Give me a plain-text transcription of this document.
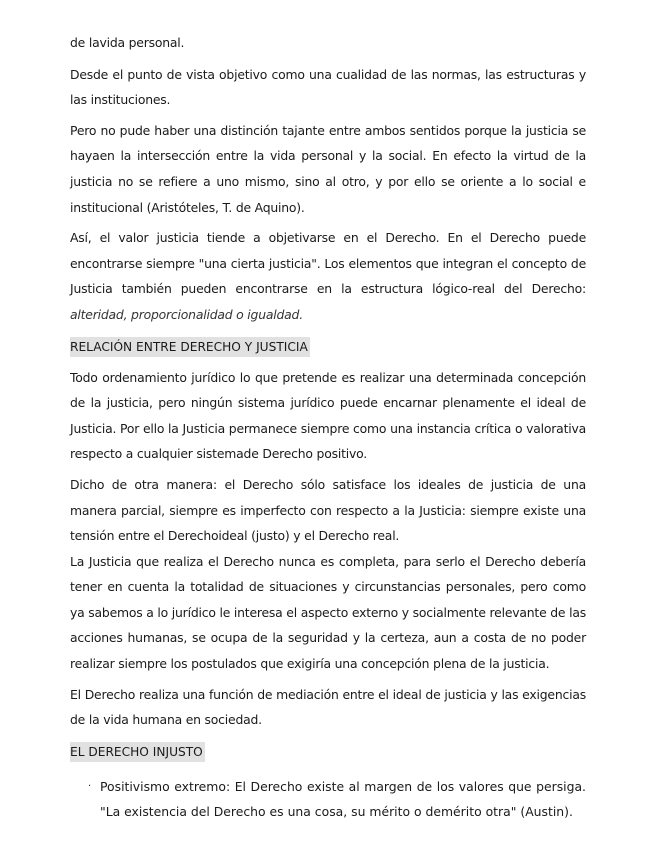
de lavida personal.

Desde el punto de vista objetivo como una cualidad de las normas, las estructuras y las instituciones.

Pero no pude haber una distinción tajante entre ambos sentidos porque la justicia se hayaen la intersección entre la vida personal y la social. En efecto la virtud de la justicia no se refiere a uno mismo, sino al otro, y por ello se oriente a lo social e institucional (Aristóteles, T. de Aquino).

Así, el valor justicia tiende a objetivarse en el Derecho. En el Derecho puede encontrarse siempre "una cierta justicia". Los elementos que integran el concepto de Justicia también pueden encontrarse en la estructura lógico-real del Derecho: alteridad, proporcionalidad o igualdad.

RELACIÓN ENTRE DERECHO Y JUSTICIA

Todo ordenamiento jurídico lo que pretende es realizar una determinada concepción de la justicia, pero ningún sistema jurídico puede encarnar plenamente el ideal de Justicia. Por ello la Justicia permanece siempre como una instancia crítica o valorativa respecto a cualquier sistemade Derecho positivo.

Dicho de otra manera: el Derecho sólo satisface los ideales de justicia de una manera parcial, siempre es imperfecto con respecto a la Justicia: siempre existe una tensión entre el Derechoideal (justo) y el Derecho real.

La Justicia que realiza el Derecho nunca es completa, para serlo el Derecho debería tener en cuenta la totalidad de situaciones y circunstancias personales, pero como ya sabemos a lo jurídico le interesa el aspecto externo y socialmente relevante de las acciones humanas, se ocupa de la seguridad y la certeza, aun a costa de no poder realizar siempre los postulados que exigiría una concepción plena de la justicia.

El Derecho realiza una función de mediación entre el ideal de justicia y las exigencias de la vida humana en sociedad.

EL DERECHO INJUSTO
· Positivismo extremo: El Derecho existe al margen de los valores que persiga. "La existencia del Derecho es una cosa, su mérito o demérito otra" (Austin).
